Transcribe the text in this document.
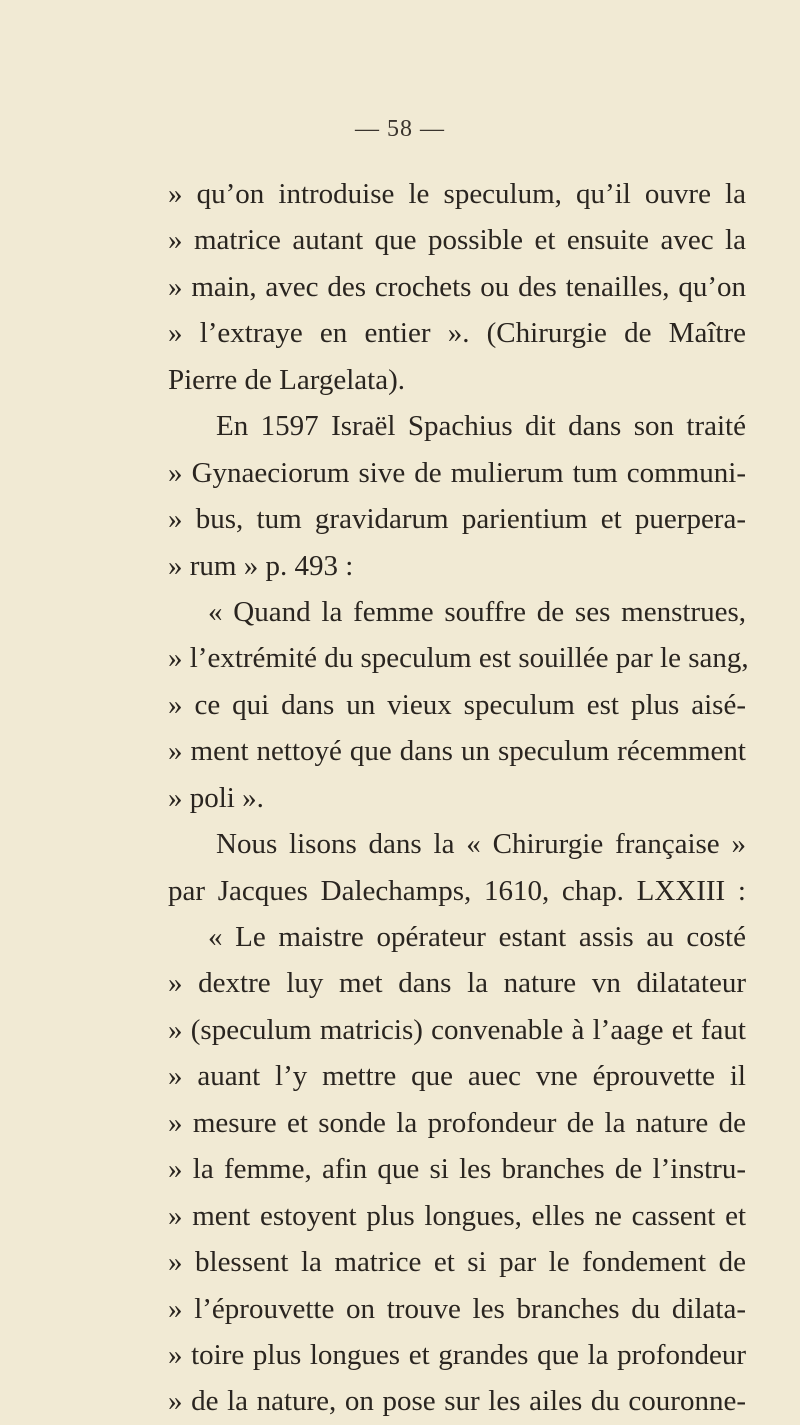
— 58 —
» qu’on introduise le speculum, qu’il ouvre la
» matrice autant que possible et ensuite avec la
» main, avec des crochets ou des tenailles, qu’on
» l’extraye en entier ». (Chirurgie de Maître
Pierre de Largelata).
En 1597 Israël Spachius dit dans son traité
» Gynaeciorum sive de mulierum tum communi-
» bus, tum gravidarum parientium et puerpera-
» rum » p. 493 :
« Quand la femme souffre de ses menstrues,
» l’extrémité du speculum est souillée par le sang,
» ce qui dans un vieux speculum est plus aisé-
» ment nettoyé que dans un speculum récemment
» poli ».
Nous lisons dans la « Chirurgie française »
par Jacques Dalechamps, 1610, chap. LXXIII :
« Le maistre opérateur estant assis au costé
» dextre luy met dans la nature vn dilatateur
» (speculum matricis) convenable à l’aage et faut
» auant l’y mettre que auec vne éprouvette il
» mesure et sonde la profondeur de la nature de
» la femme, afin que si les branches de l’instru-
» ment estoyent plus longues, elles ne cassent et
» blessent la matrice et si par le fondement de
» l’éprouvette on trouve les branches du dilata-
» toire plus longues et grandes que la profondeur
» de la nature, on pose sur les ailes du couronne-
